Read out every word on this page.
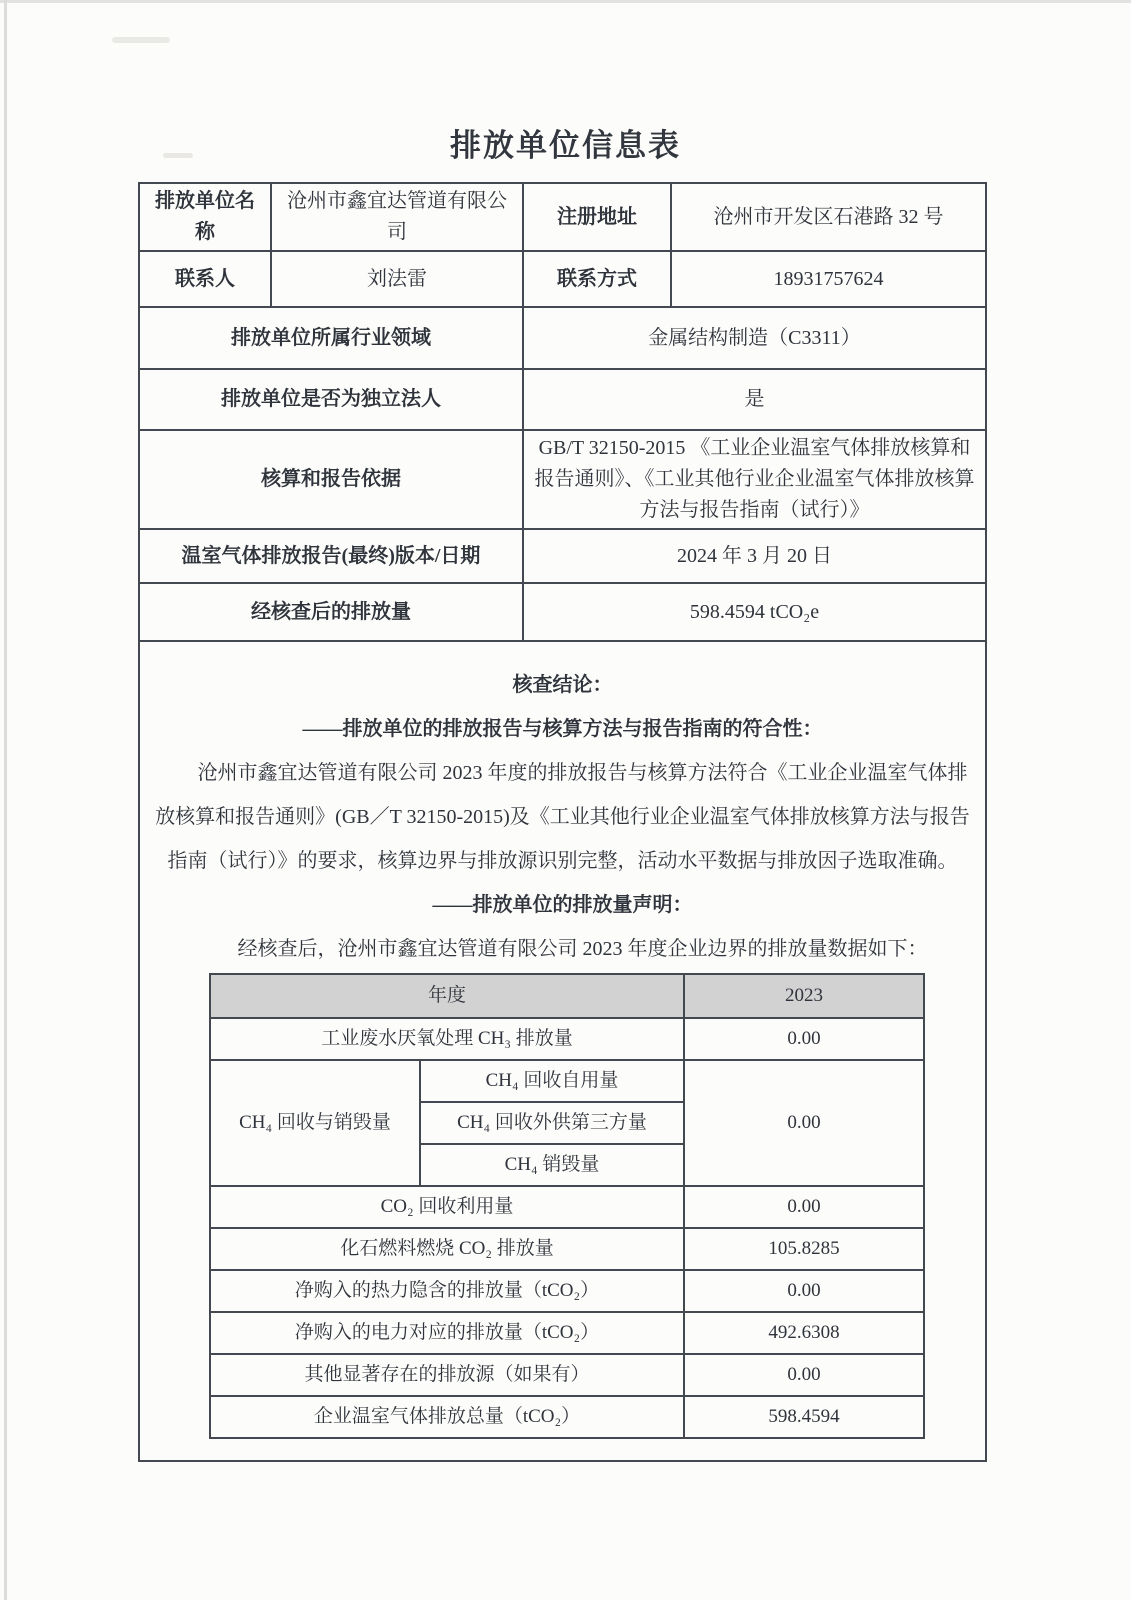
排放单位信息表
排放单位名称	沧州市鑫宜达管道有限公司	注册地址	沧州市开发区石港路 32 号
联系人	刘法雷	联系方式	18931757624
排放单位所属行业领域	金属结构制造（C3311）
排放单位是否为独立法人	是
核算和报告依据	GB/T 32150-2015 《工业企业温室气体排放核算和报告通则》、《工业其他行业企业温室气体排放核算方法与报告指南（试行）》
温室气体排放报告(最终)版本/日期	2024 年 3 月 20 日
经核查后的排放量	598.4594 tCO₂e

核查结论：

——排放单位的排放报告与核算方法与报告指南的符合性：

沧州市鑫宜达管道有限公司 2023 年度的排放报告与核算方法符合《工业企业温室气体排放核算和报告通则》(GB／T 32150-2015)及《工业其他行业企业温室气体排放核算方法与报告指南（试行）》的要求，核算边界与排放源识别完整，活动水平数据与排放因子选取准确。

——排放单位的排放量声明：

经核查后，沧州市鑫宜达管道有限公司 2023 年度企业边界的排放量数据如下：

年度	2023
工业废水厌氧处理 CH₃ 排放量	0.00
CH₄ 回收与销毁量	CH₄ 回收自用量	0.00
CH₄ 回收外供第三方量
CH₄ 销毁量
CO₂ 回收利用量	0.00
化石燃料燃烧 CO₂ 排放量	105.8285
净购入的热力隐含的排放量（tCO₂）	0.00
净购入的电力对应的排放量（tCO₂）	492.6308
其他显著存在的排放源（如果有）	0.00
企业温室气体排放总量（tCO₂）	598.4594
